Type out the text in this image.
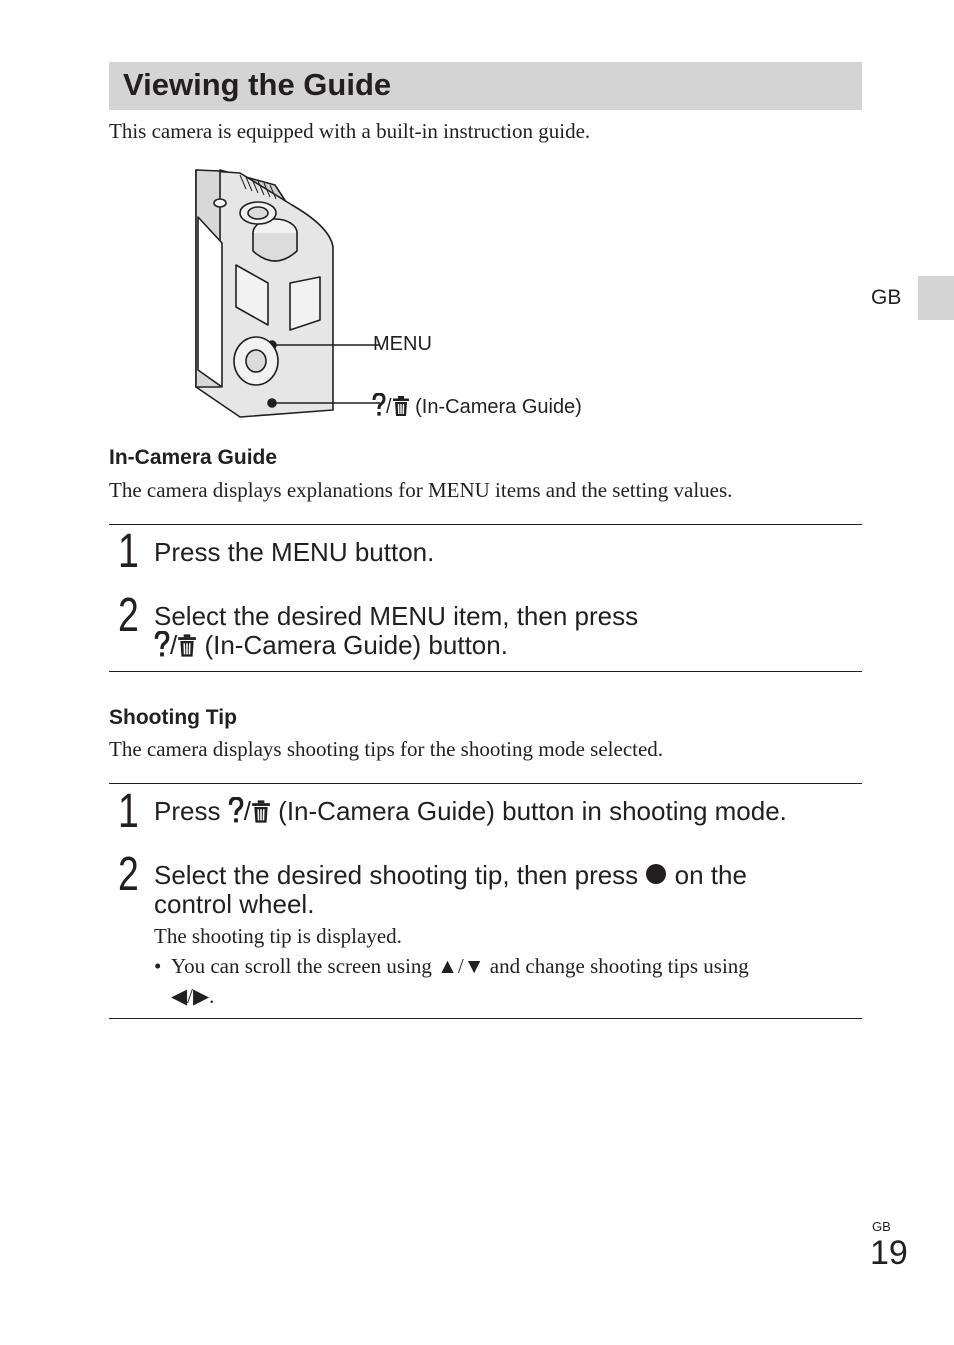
Viewing the Guide
This camera is equipped with a built-in instruction guide.
MENU
/ (In-Camera Guide)
In-Camera Guide
The camera displays explanations for MENU items and the setting values.
1 Press the MENU button.
2 Select the desired MENU item, then press
/ (In-Camera Guide) button.
Shooting Tip
The camera displays shooting tips for the shooting mode selected.
1 Press / (In-Camera Guide) button in shooting mode.
2 Select the desired shooting tip, then press on the
control wheel.
The shooting tip is displayed.
• You can scroll the screen using ▲/▼ and change shooting tips using
◀/▶.
GB
GB
19
